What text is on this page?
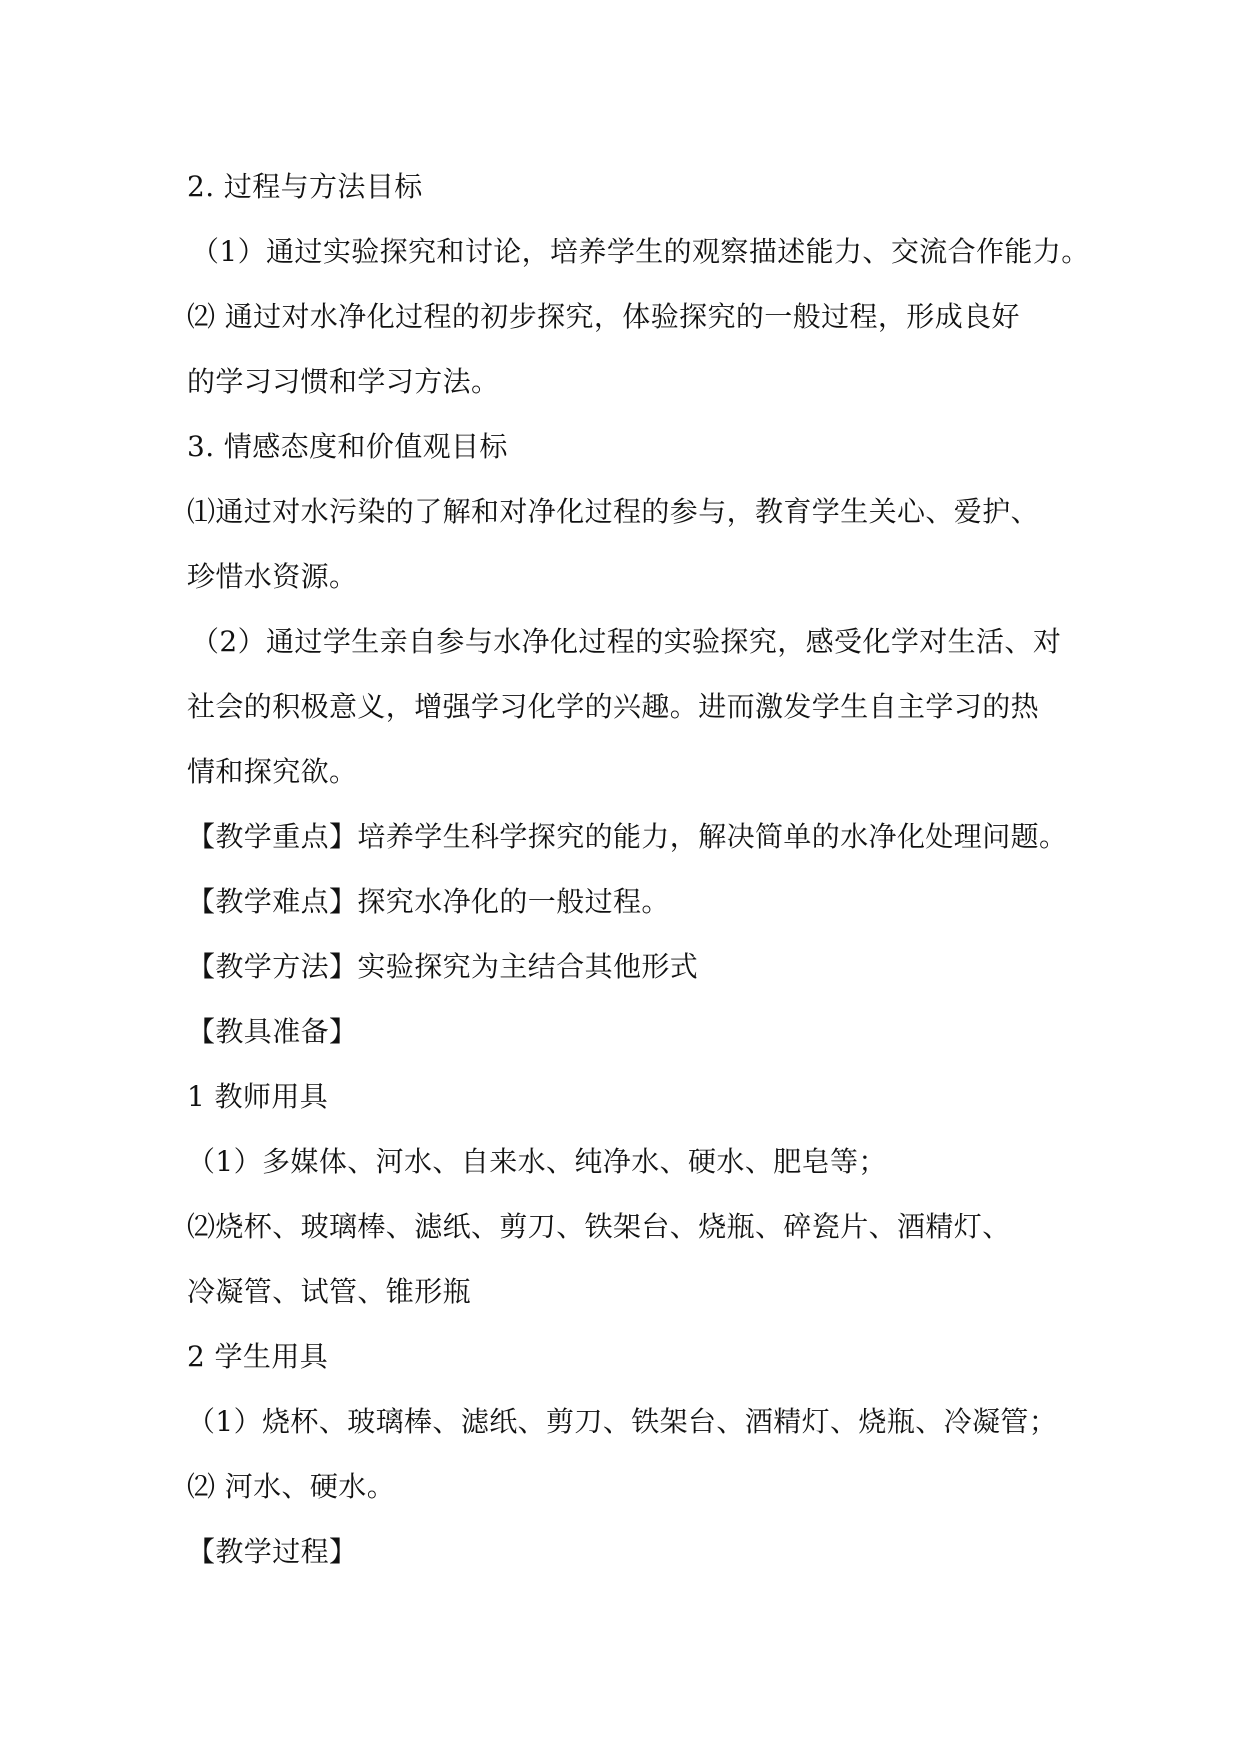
2. 过程与方法目标
（1）通过实验探究和讨论，培养学生的观察描述能力、交流合作能力。
⑵ 通过对水净化过程的初步探究，体验探究的一般过程，形成良好
的学习习惯和学习方法。
3. 情感态度和价值观目标
⑴通过对水污染的了解和对净化过程的参与，教育学生关心、爱护、
珍惜水资源。
（2）通过学生亲自参与水净化过程的实验探究，感受化学对生活、对
社会的积极意义，增强学习化学的兴趣。进而激发学生自主学习的热
情和探究欲。
【教学重点】培养学生科学探究的能力，解决简单的水净化处理问题。
【教学难点】探究水净化的一般过程。
【教学方法】实验探究为主结合其他形式
【教具准备】
1 教师用具
（1）多媒体、河水、自来水、纯净水、硬水、肥皂等；
⑵烧杯、玻璃棒、滤纸、剪刀、铁架台、烧瓶、碎瓷片、酒精灯、
冷凝管、试管、锥形瓶
2 学生用具
（1）烧杯、玻璃棒、滤纸、剪刀、铁架台、酒精灯、烧瓶、冷凝管；
⑵ 河水、硬水。
【教学过程】
